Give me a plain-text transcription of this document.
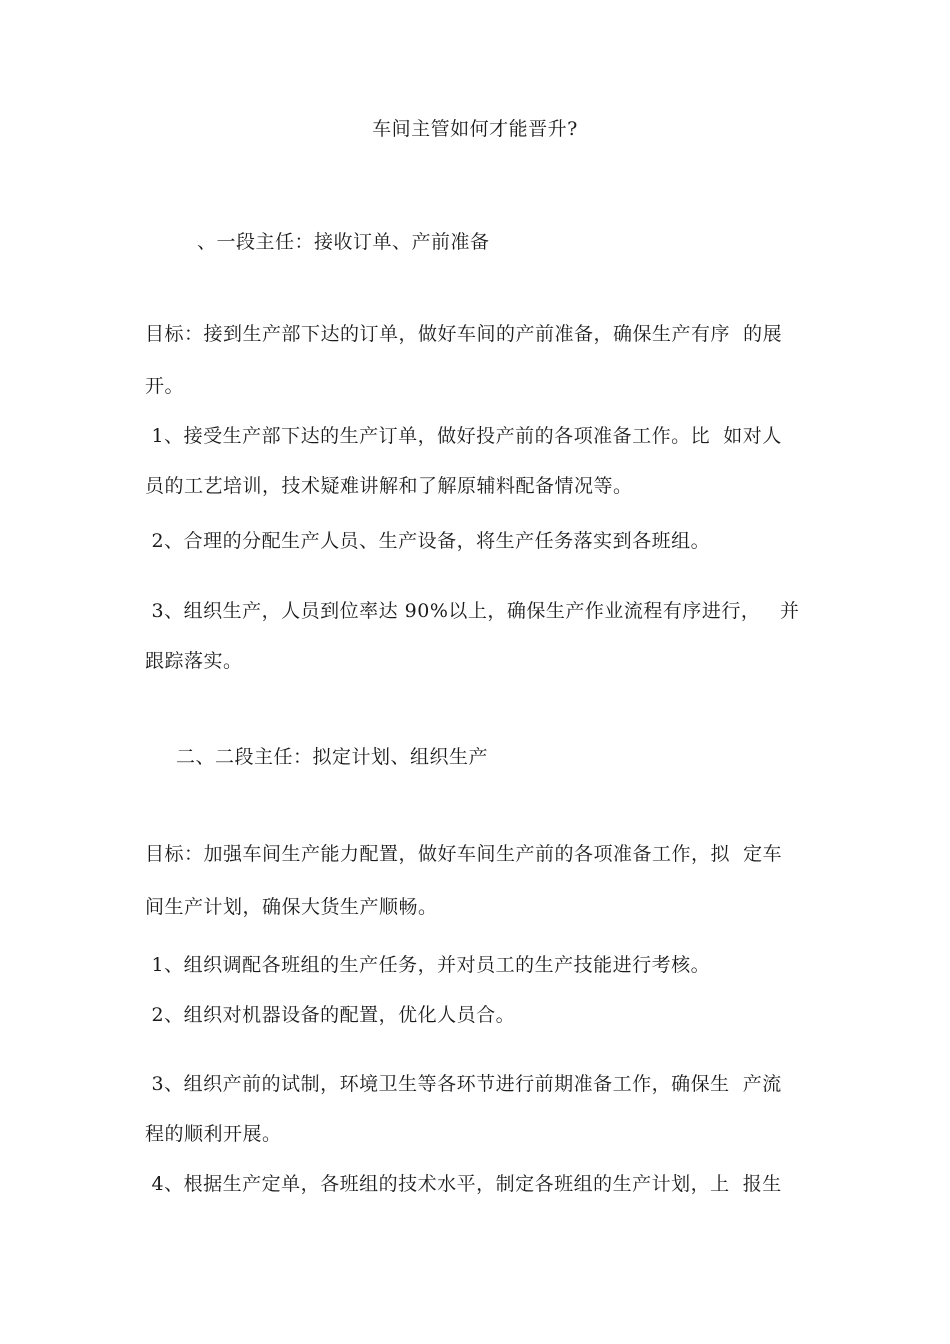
车间主管如何才能晋升?
、一段主任：接收订单、产前准备
目标：接到生产部下达的订单，做好车间的产前准备，确保生产有序  的展
开。
1、接受生产部下达的生产订单，做好投产前的各项准备工作。比  如对人
员的工艺培训，技术疑难讲解和了解原辅料配备情况等。
2、合理的分配生产人员、生产设备，将生产任务落实到各班组。
3、组织生产，人员到位率达 90%以上，确保生产作业流程有序进行，   并
跟踪落实。
二、二段主任：拟定计划、组织生产
目标：加强车间生产能力配置，做好车间生产前的各项准备工作，拟  定车
间生产计划，确保大货生产顺畅。
1、组织调配各班组的生产任务，并对员工的生产技能进行考核。
2、组织对机器设备的配置，优化人员合。
3、组织产前的试制，环境卫生等各环节进行前期准备工作，确保生  产流
程的顺利开展。
4、根据生产定单，各班组的技术水平，制定各班组的生产计划，上  报生
